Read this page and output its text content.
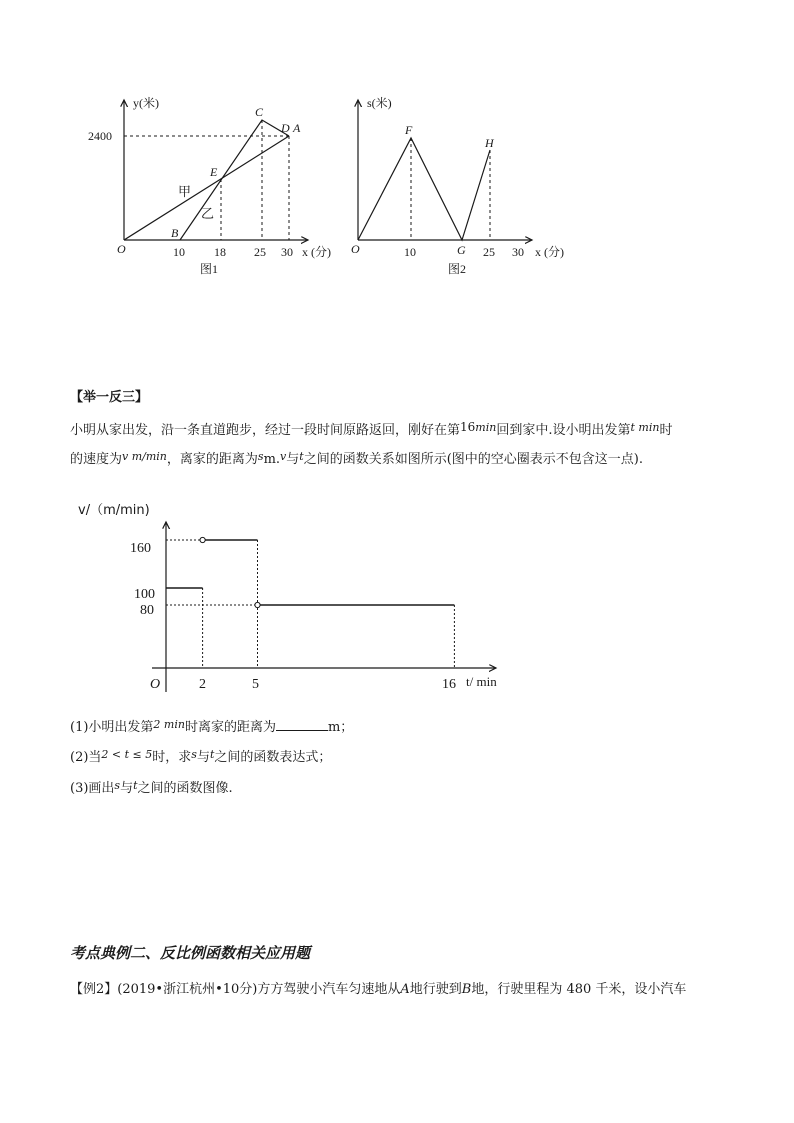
y(米)
x (分)
O
2400
10 18 25 30
C
D A
E
B
甲
乙
图1
s(米)
x (分)
O	10	G 25 30
F
H
图2
【举一反三】
小明从家出发，沿一条直道跑步，经过一段时间原路返回，刚好在第$16^{min}$回到家中.设小明出发第$^{t min}$时
的速度为$^{v m/min}$，离家的距离为$^s$m.$^v$与$^t$之间的函数关系如图所示(图中的空心圈表示不包含这一点).
v/（m/min)
t/ min
O
160
100
80
2	5	16
(1)小明出发第$^{2 min}$时离家的距离为	m；
(2)当$^{2 < t \le 5}$时，求$^s$与$^t$之间的函数表达式；
(3)画出$^s$与$^t$之间的函数图像.
考点典例二、反比例函数相关应用题
【例2】(2019•浙江杭州•10分)方方驾驶小汽车匀速地从A地行驶到B地，行驶里程为 480 千米，设小汽车
